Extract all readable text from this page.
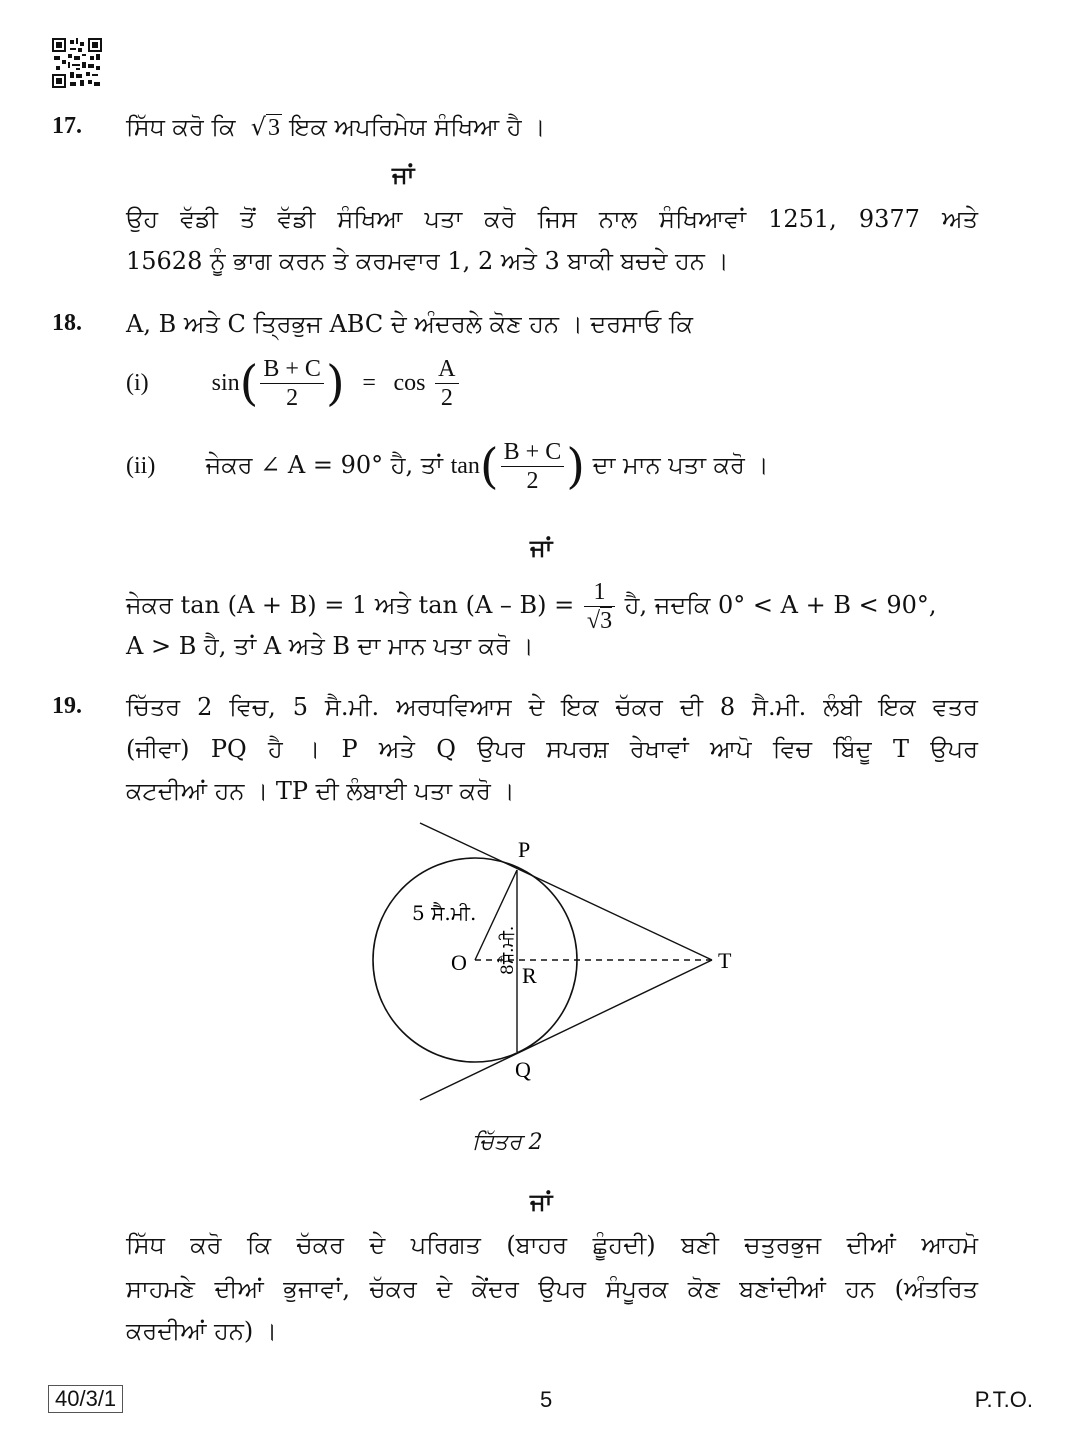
17. ਸਿੱਧ ਕਰੋ ਕਿ  √3 ਇਕ ਅਪਰਿਮੇਯ ਸੰਖਿਆ ਹੈ ।
ਜਾਂ
ਉਹ ਵੱਡੀ ਤੋਂ ਵੱਡੀ ਸੰਖਿਆ ਪਤਾ ਕਰੋ ਜਿਸ ਨਾਲ ਸੰਖਿਆਵਾਂ 1251, 9377 ਅਤੇ
15628 ਨੂੰ ਭਾਗ ਕਰਨ ਤੇ ਕਰਮਵਾਰ 1, 2 ਅਤੇ 3 ਬਾਕੀ ਬਚਦੇ ਹਨ ।
18. A, B ਅਤੇ C ਤ੍ਰਿਭੁਜ ABC ਦੇ ਅੰਦਰਲੇ ਕੋਣ ਹਨ । ਦਰਸਾਓ ਕਿ
(i)	$\sin( \frac{B + C}{2}$ ) = $\cos \frac{A}{2}$
(ii) ਜੇਕਰ ∠ A = 90° ਹੈ, ਤਾਂ $\tan( \frac{B + C}{2}$ ) ਦਾ ਮਾਨ ਪਤਾ ਕਰੋ ।
ਜਾਂ
ਜੇਕਰ tan (A + B) = 1 ਅਤੇ $\tan (A - B) = \frac{1}{√3}$ ਹੈ, ਜਦਕਿ 0° < A + B < 90°,
A > B ਹੈ, ਤਾਂ A ਅਤੇ B ਦਾ ਮਾਨ ਪਤਾ ਕਰੋ ।
19. ਚਿੱਤਰ 2 ਵਿਚ, 5 ਸੈ.ਮੀ. ਅਰਧਵਿਆਸ ਦੇ ਇਕ ਚੱਕਰ ਦੀ 8 ਸੈ.ਮੀ. ਲੰਬੀ ਇਕ ਵਤਰ
(ਜੀਵਾ) PQ ਹੈ । P ਅਤੇ Q ਉਪਰ ਸਪਰਸ਼ ਰੇਖਾਵਾਂ ਆਪੋ ਵਿਚ ਬਿੰਦੂ T ਉਪਰ
ਕਟਦੀਆਂ ਹਨ । TP ਦੀ ਲੰਬਾਈ ਪਤਾ ਕਰੋ ।
P
Q
O
R
T
5 ਸੈ.ਮੀ.
8ਸੈ.ਮੀ.
ਚਿੱਤਰ 2
ਜਾਂ
ਸਿੱਧ ਕਰੋ ਕਿ ਚੱਕਰ ਦੇ ਪਰਿਗਤ (ਬਾਹਰ ਛੂੰਹਦੀ) ਬਣੀ ਚਤੁਰਭੁਜ ਦੀਆਂ ਆਹਮੋ
ਸਾਹਮਣੇ ਦੀਆਂ ਭੁਜਾਵਾਂ, ਚੱਕਰ ਦੇ ਕੇਂਦਰ ਉਪਰ ਸੰਪੂਰਕ ਕੋਣ ਬਣਾਂਦੀਆਂ ਹਨ (ਅੰਤਰਿਤ
ਕਰਦੀਆਂ ਹਨ) ।
40/3/1	5	P.T.O.
